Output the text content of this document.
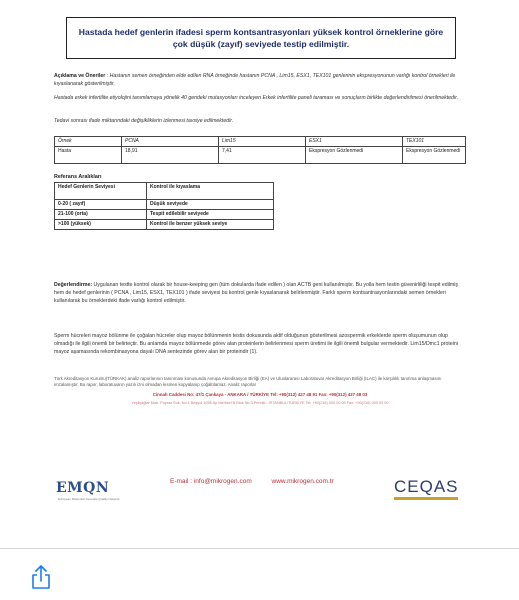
Hastada hedef genlerin ifadesi sperm kontsantrasyonları yüksek kontrol örneklerine göre çok düşük (zayıf) seviyede testip edilmiştir.
Açıklama ve Öneriler : Hastanın semen örneğinden elde edilen RNA örneğinde hastanın PCNA , Lim15, ESX1, TEX101 genlerinin ekspresyonunun varlığı kontrol örnekleri ile kıyaslanarak gösterilmiştir.
Hastada erkek infertilite etiyolojini tanımlamaya yönelik 40 gendeki mutasyonları inceleyen Erkek infertilite paneli taraması ve sonuçların birlikte değerlendirilmesi önerilmektedir.
Tedavi sonrası ifade miktarındaki değişikliklerin izlenmesi tavsiye edilmektedir.
Örnek	PCNA	Lim15	ESX1	TEX101
Hasta	18,91	7,41	Ekspresyon Gözlenmedi	Ekspresyon Gözlenmedi
Referans Aralıkları
Hedef Genlerin Seviyesi	Kontrol ile kıyaslama
0-20 ( zayıf)	Düşük seviyede
21-100 (orta)	Tespit edilebilir seviyede
>100 (yüksek)	Kontrol ile benzer yüksek seviye
Değerlendirme: Uygulanan testte kontrol olarak bir house-keeping gen (tüm dokularda ifade edilen ) olan ACTB geni kullanılmıştır. Bu yolla hem testin güvenirliliği tespit edilmiş hem de hedef genlerinin ( PCNA , Lim15, ESX1, TEX101 ) ifade seviyesi bu kontrol genle kıyaslanarak belirlenmiştir. Farklı sperm kontsantrasyonlarındaki semen örnekleri kullanılarak bu örneklerdeki ifade varlığı kontrol edilmiştir.
Sperm hücreleri mayoz bölünme ile çoğalan hücreler olup mayoz bölünmenin testis dokusunda aktif olduğunun gösterilmesi azospermik erkeklerde sperm oluşumunun olup olmadığı ile ilgili önemli bir belirteçtir. Bu anlamda mayoz bölünmede görev alan proteinlerin belirlenmesi sperm üretimi ile ilgili önemli bulgular vermektedir. Lim15/Dmc1 proteini mayoz aşamasında rekombinasyona dayalı DNA sentezinde görev alan bir proteindir (1).
Türk Akreditasyon Kurumu(TÜRKAK) analiz raporlarının tanınması konusunda Avrupa Akreditasyon Birliği (EA) ve Uluslararası Laboratuvar Akreditasyon Birliği (ILAC) ile karşılıklı tanınma anlaşmasını imzalamıştır. Bu rapor, laboratuvarın yazılı izni olmadan kısmen kopyalanıp çoğaltılamaz. Analiz raporlar
Cinnah Caddesi No: 47/1 Çankaya - ANKARA / TÜRKİYE Tel: +90(312) 427 48 91 Fax: +90(312) 427 48 03
Yeşilçağlar Mah. Poyraz Sok. No:1 Beşyol 1056 Ap Merkezi B Blok No:3 Pendik - İSTANBUL/TÜRKİYE Tel: +90(216) 000 00 00 Fax: +90(216) 000 00 00
EMQN
European Molecular Genetics Quality Network
E-mail : info@mikrogen.com	www.mikrogen.com.tr	CEQAS
